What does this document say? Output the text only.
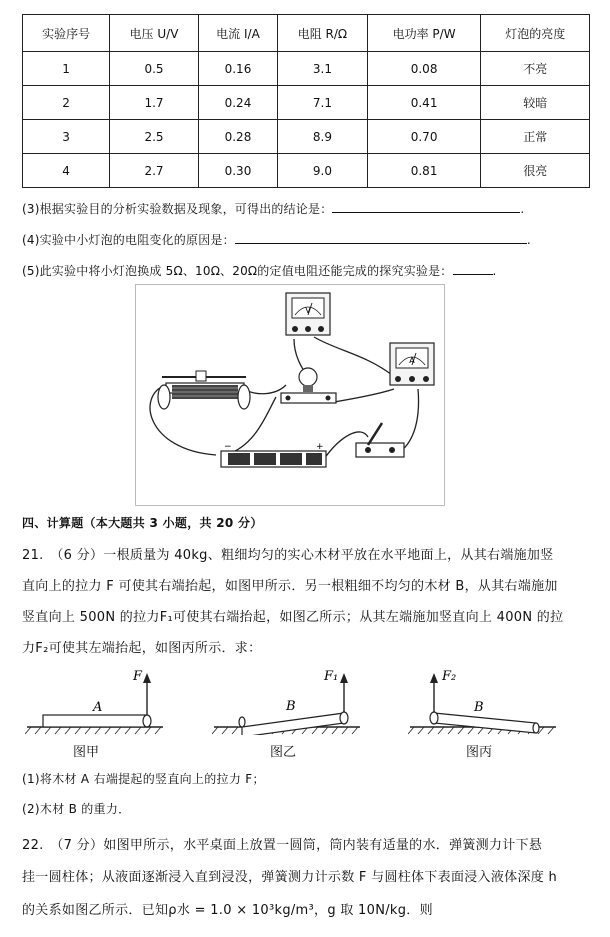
实验序号	电压 U/V	电流 I/A	电阻 R/Ω	电功率 P/W	灯泡的亮度
1	0.5	0.16	3.1	0.08	不亮
2	1.7	0.24	7.1	0.41	较暗
3	2.5	0.28	8.9	0.70	正常
4	2.7	0.30	9.0	0.81	很亮
(3)根据实验目的分析实验数据及现象，可得出的结论是：	.
(4)实验中小灯泡的电阻变化的原因是：	.
(5)此实验中将小灯泡换成 5Ω、10Ω、20Ω的定值电阻还能完成的探究实验是：	.
V
A
−	+
四、计算题（本大题共 3 小题，共 20 分）
21.　（6 分）一根质量为 40kg、粗细均匀的实心木材平放在水平地面上，从其右端施加竖
直向上的拉力 F 可使其右端抬起，如图甲所示．另一根粗细不均匀的木材 B，从其右端施加
竖直向上 500N 的拉力F₁可使其右端抬起，如图乙所示；从其左端施加竖直向上 400N 的拉
力F₂可使其左端抬起，如图丙所示．求：
F
A
图甲
F₁
B
图乙
F₂
B
图丙
(1)将木材 A 右端提起的竖直向上的拉力 F；
(2)木材 B 的重力．
22.　（7 分）如图甲所示，水平桌面上放置一圆筒，筒内装有适量的水．弹簧测力计下悬
挂一圆柱体；从液面逐渐浸入直到浸没，弹簧测力计示数 F 与圆柱体下表面浸入液体深度 h
的关系如图乙所示．已知ρ水 = 1.0 × 10³kg/m³，g 取 10N/kg．则
